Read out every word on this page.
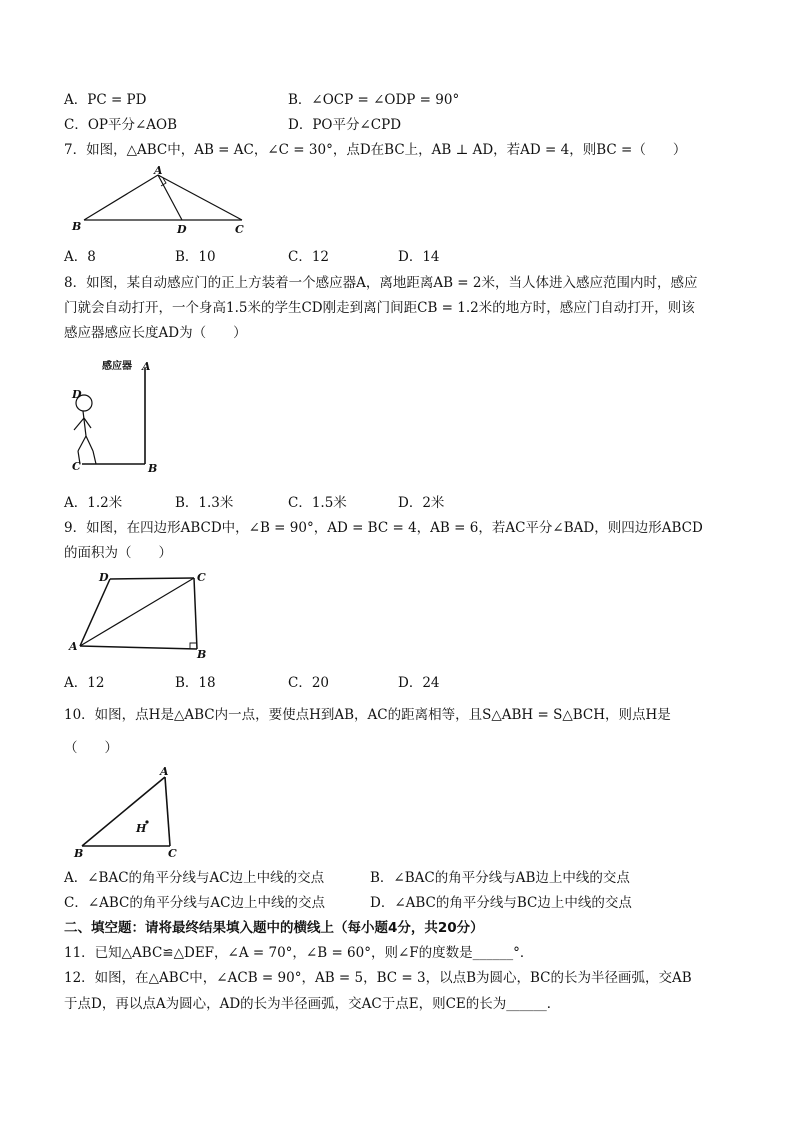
A．PC = PD	B．∠OCP = ∠ODP = 90°
C．OP平分∠AOB	D．PO平分∠CPD
7．如图，△ABC中，AB = AC，∠C = 30°，点D在BC上，AB ⊥ AD，若AD = 4，则BC =（　　）
A
B	D	C
A．8	B．10	C．12	D．14
8．如图，某自动感应门的正上方装着一个感应器A，离地距离AB = 2米，当人体进入感应范围内时，感应
门就会自动打开，一个身高1.5米的学生CD刚走到离门间距CB = 1.2米的地方时，感应门自动打开，则该
感应器感应长度AD为（　　）
感应器 A
D
C	B
A．1.2米	B．1.3米	C．1.5米	D．2米
9．如图，在四边形ABCD中，∠B = 90°，AD = BC = 4，AB = 6，若AC平分∠BAD，则四边形ABCD
的面积为（　　）
D	C
A
B
A．12	B．18	C．20	D．24
10．如图，点H是△ABC内一点，要使点H到AB，AC的距离相等，且S△ABH = S△BCH，则点H是
（　　）
A
H
B	C
A．∠BAC的角平分线与AC边上中线的交点	B．∠BAC的角平分线与AB边上中线的交点
C．∠ABC的角平分线与AC边上中线的交点	D．∠ABC的角平分线与BC边上中线的交点
二、填空题：请将最终结果填入题中的横线上（每小题4分，共20分）
11．已知△ABC≌△DEF，∠A = 70°，∠B = 60°，则∠F的度数是______°．
12．如图，在△ABC中，∠ACB = 90°，AB = 5，BC = 3，以点B为圆心，BC的长为半径画弧，交AB
于点D，再以点A为圆心，AD的长为半径画弧，交AC于点E，则CE的长为______．
